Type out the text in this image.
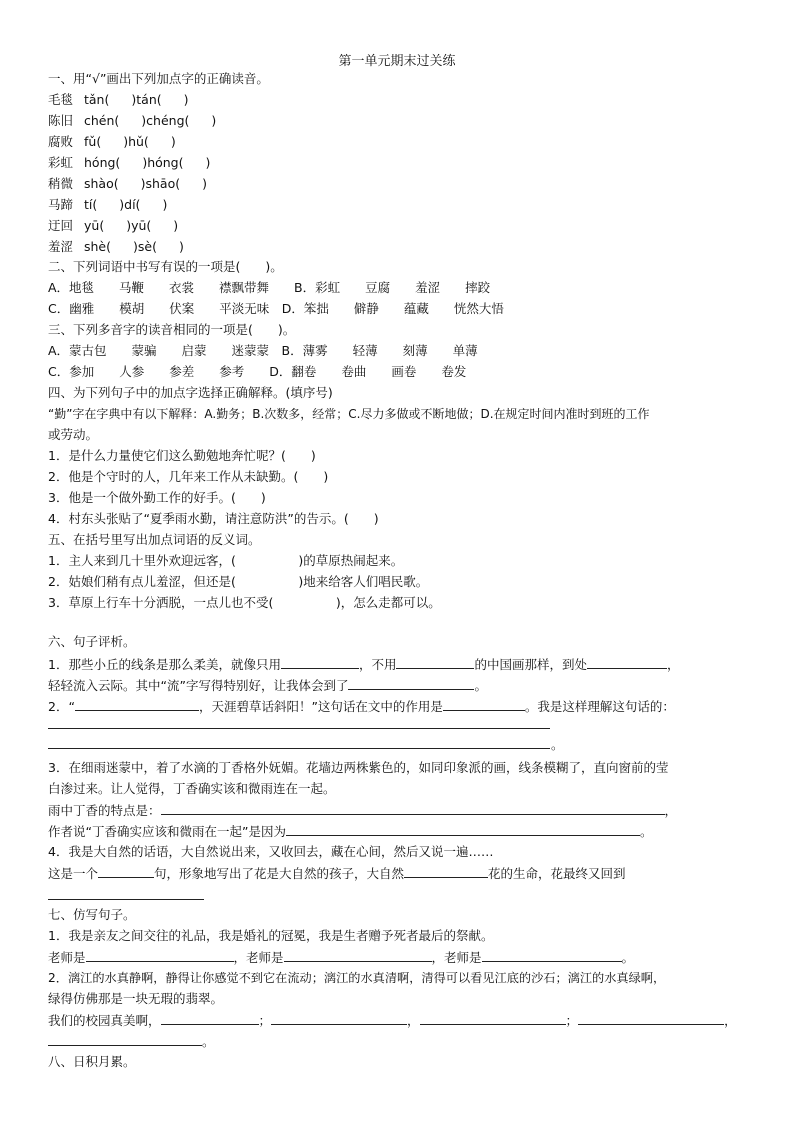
第一单元期末过关练
一、用“√”画出下列加点字的正确读音。
毛毯 tǎn( )tán( )
陈旧 chén( )chéng( )
腐败 fǔ( )hǔ( )
彩虹 hóng( )hóng( )
稍微 shào( )shāo( )
马蹄 tí( )dí( )
迂回 yū( )yū( )
羞涩 shè( )sè( )
二、下列词语中书写有误的一项是(　　)。
A．地毯　　马鞭　　衣裳　　襟飘带舞　　B．彩虹　　豆腐　　羞涩　　摔跤
C．幽雅　　模胡　　伏案　　平淡无味　D．笨拙　　僻静　　蕴藏　　恍然大悟
三、下列多音字的读音相同的一项是(　　)。
A．蒙古包　　蒙骗　　启蒙　　迷蒙蒙　B．薄雾　　轻薄　　刻薄　　单薄
C．参加　　人参　　参差　　参考　　D．翻卷　　卷曲　　画卷　　卷发
四、为下列句子中的加点字选择正确解释。(填序号)
“勤”字在字典中有以下解释：A.勤务；B.次数多，经常；C.尽力多做或不断地做；D.在规定时间内准时到班的工作
或劳动。
1．是什么力量使它们这么勤勉地奔忙呢？(　　)
2．他是个守时的人，几年来工作从未缺勤。(　　)
3．他是一个做外勤工作的好手。(　　)
4．村东头张贴了“夏季雨水勤，请注意防洪”的告示。(　　)
五、在括号里写出加点词语的反义词。
1．主人来到几十里外欢迎远客，(　　　　　)的草原热闹起来。
2．姑娘们稍有点儿羞涩，但还是(　　　　　)地来给客人们唱民歌。
3．草原上行车十分洒脱，一点儿也不受(　　　　　)，怎么走都可以。
六、句子评析。
1．那些小丘的线条是那么柔美，就像只用	，不用	的中国画那样，到处	，
轻轻流入云际。其中“流”字写得特别好，让我体会到了	。
2．“	，天涯碧草话斜阳！”这句话在文中的作用是	。我是这样理解这句话的：
。
3．在细雨迷蒙中，着了水滴的丁香格外妩媚。花墙边两株紫色的，如同印象派的画，线条模糊了，直向窗前的莹
白渗过来。让人觉得，丁香确实该和微雨连在一起。
雨中丁香的特点是：	，
作者说“丁香确实应该和微雨在一起”是因为	。
4．我是大自然的话语，大自然说出来，又收回去，藏在心间，然后又说一遍……
这是一个	句，形象地写出了花是大自然的孩子，大自然	花的生命，花最终又回到
七、仿写句子。
1．我是亲友之间交往的礼品，我是婚礼的冠冕，我是生者赠予死者最后的祭献。
老师是	，老师是	，老师是	。
2．漓江的水真静啊，静得让你感觉不到它在流动；漓江的水真清啊，清得可以看见江底的沙石；漓江的水真绿啊，
绿得仿佛那是一块无瑕的翡翠。
我们的校园真美啊，	；	，	；	，
。
八、日积月累。
